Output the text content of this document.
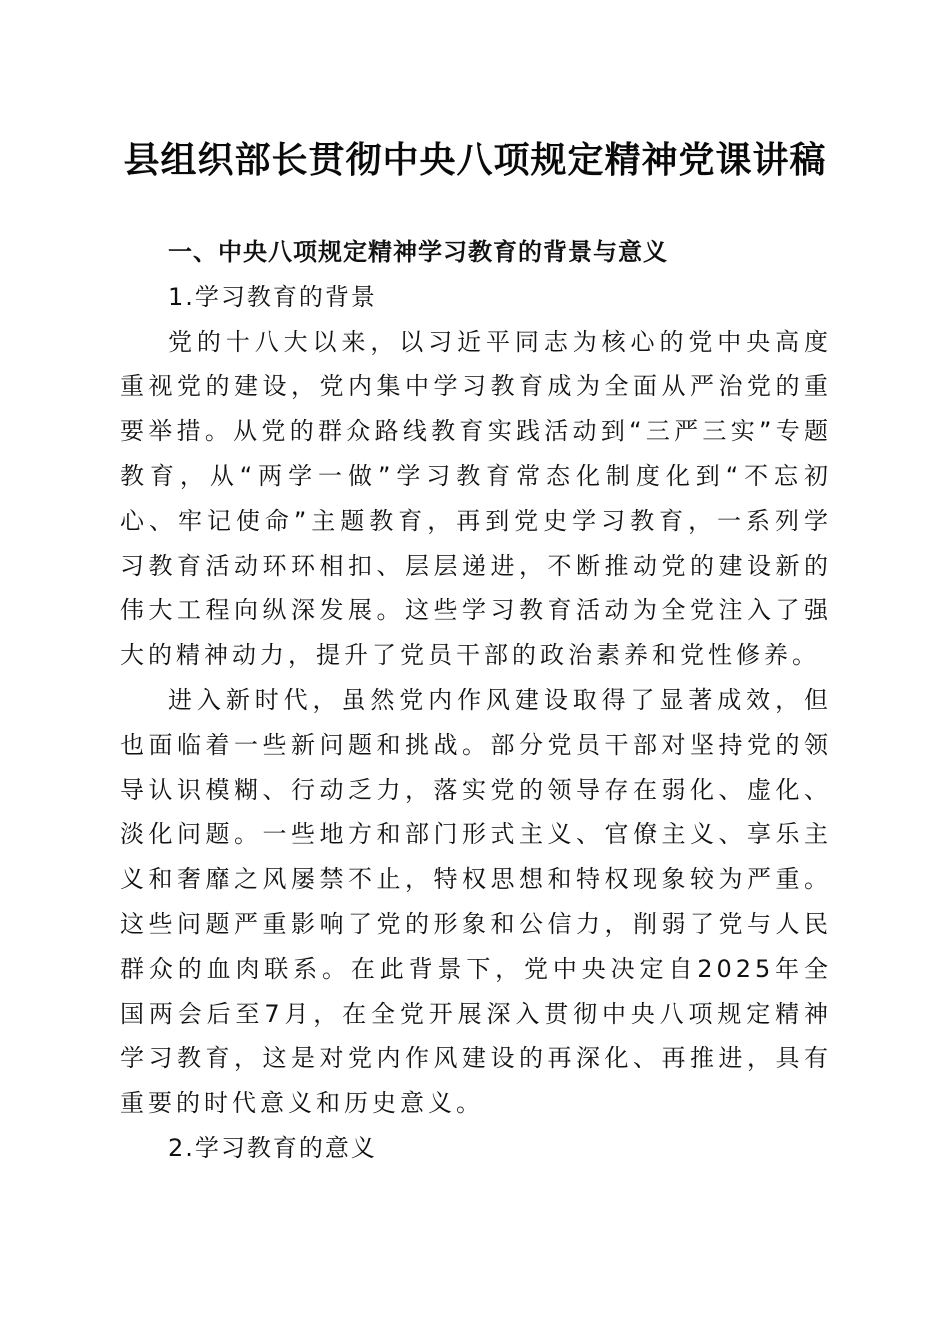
县组织部长贯彻中央八项规定精神党课讲稿

一、中央八项规定精神学习教育的背景与意义

1.学习教育的背景

党的十八大以来，以习近平同志为核心的党中央高度重视党的建设，党内集中学习教育成为全面从严治党的重要举措。从党的群众路线教育实践活动到“三严三实”专题教育，从“两学一做”学习教育常态化制度化到“不忘初心、牢记使命”主题教育，再到党史学习教育，一系列学习教育活动环环相扣、层层递进，不断推动党的建设新的伟大工程向纵深发展。这些学习教育活动为全党注入了强大的精神动力，提升了党员干部的政治素养和党性修养。

进入新时代，虽然党内作风建设取得了显著成效，但也面临着一些新问题和挑战。部分党员干部对坚持党的领导认识模糊、行动乏力，落实党的领导存在弱化、虚化、淡化问题。一些地方和部门形式主义、官僚主义、享乐主义和奢靡之风屡禁不止，特权思想和特权现象较为严重。这些问题严重影响了党的形象和公信力，削弱了党与人民群众的血肉联系。在此背景下，党中央决定自2025年全国两会后至7月，在全党开展深入贯彻中央八项规定精神学习教育，这是对党内作风建设的再深化、再推进，具有重要的时代意义和历史意义。

2.学习教育的意义
